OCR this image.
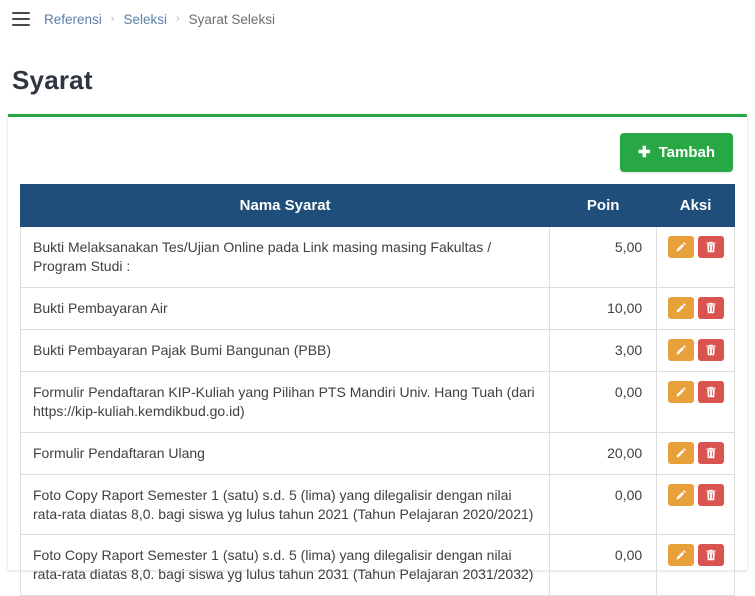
Referensi › Seleksi › Syarat Seleksi
Syarat
✚ Tambah
Nama Syarat	Poin	Aksi
Bukti Melaksanakan Tes/Ujian Online pada Link masing masing Fakultas / Program Studi :	5,00	

Bukti Pembayaran Air	10,00	

Bukti Pembayaran Pajak Bumi Bangunan (PBB)	3,00	

Formulir Pendaftaran KIP-Kuliah yang Pilihan PTS Mandiri Univ. Hang Tuah (dari https://kip-kuliah.kemdikbud.go.id)	0,00	

Formulir Pendaftaran Ulang	20,00	

Foto Copy Raport Semester 1 (satu) s.d. 5 (lima) yang dilegalisir dengan nilai rata-rata diatas 8,0. bagi siswa yg lulus tahun 2021 (Tahun Pelajaran 2020/2021)	0,00	

Foto Copy Raport Semester 1 (satu) s.d. 5 (lima) yang dilegalisir dengan nilai rata-rata diatas 8,0. bagi siswa yg lulus tahun 2031 (Tahun Pelajaran 2031/2032)	0,00	
